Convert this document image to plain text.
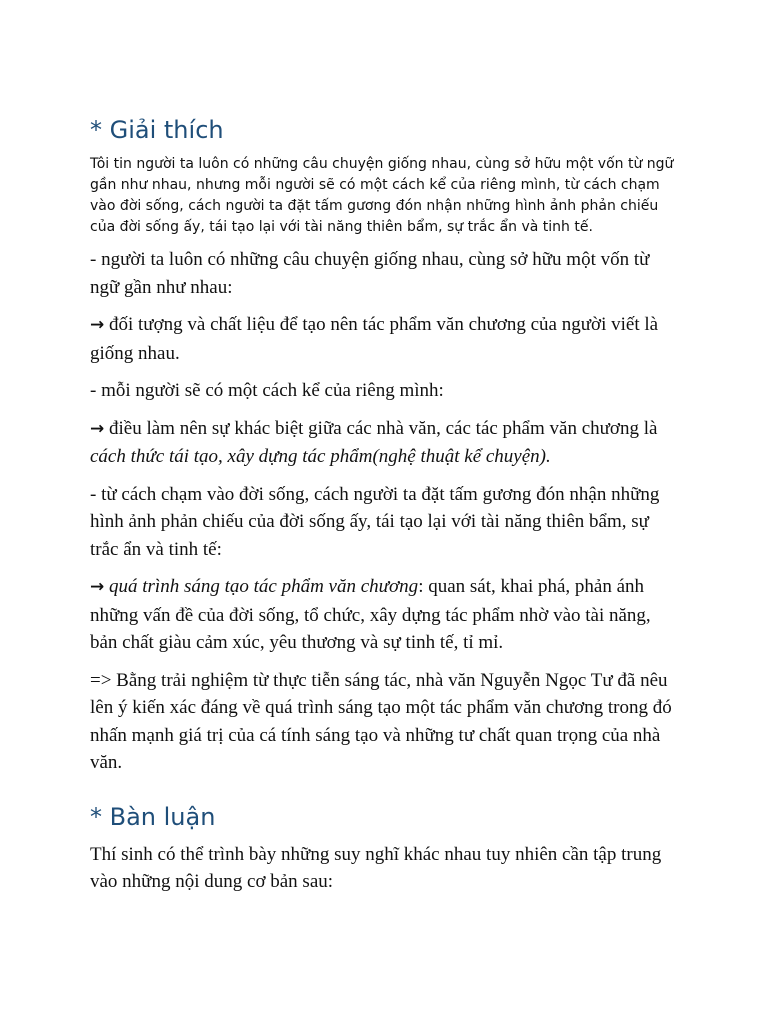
* Giải thích

Tôi tin người ta luôn có những câu chuyện giống nhau, cùng sở hữu một vốn từ ngữ gần như nhau, nhưng mỗi người sẽ có một cách kể của riêng mình, từ cách chạm vào đời sống, cách người ta đặt tấm gương đón nhận những hình ảnh phản chiếu của đời sống ấy, tái tạo lại với tài năng thiên bẩm, sự trắc ẩn và tinh tế.

- người ta luôn có những câu chuyện giống nhau, cùng sở hữu một vốn từ ngữ gần như nhau:

→ đối tượng và chất liệu để tạo nên tác phẩm văn chương của người viết là giống nhau.

- mỗi người sẽ có một cách kể của riêng mình:

→ điều làm nên sự khác biệt giữa các nhà văn, các tác phẩm văn chương là cách thức tái tạo, xây dựng tác phẩm(nghệ thuật kể chuyện).

- từ cách chạm vào đời sống, cách người ta đặt tấm gương đón nhận những hình ảnh phản chiếu của đời sống ấy, tái tạo lại với tài năng thiên bẩm, sự trắc ẩn và tinh tế:

→ quá trình sáng tạo tác phẩm văn chương: quan sát, khai phá, phản ánh những vấn đề của đời sống, tổ chức, xây dựng tác phẩm nhờ vào tài năng, bản chất giàu cảm xúc, yêu thương và sự tinh tế, tỉ mỉ.

=> Bằng trải nghiệm từ thực tiễn sáng tác, nhà văn Nguyễn Ngọc Tư đã nêu lên ý kiến xác đáng về quá trình sáng tạo một tác phẩm văn chương trong đó nhấn mạnh giá trị của cá tính sáng tạo và những tư chất quan trọng của nhà văn.

* Bàn luận

Thí sinh có thể trình bày những suy nghĩ khác nhau tuy nhiên cần tập trung vào những nội dung cơ bản sau:
